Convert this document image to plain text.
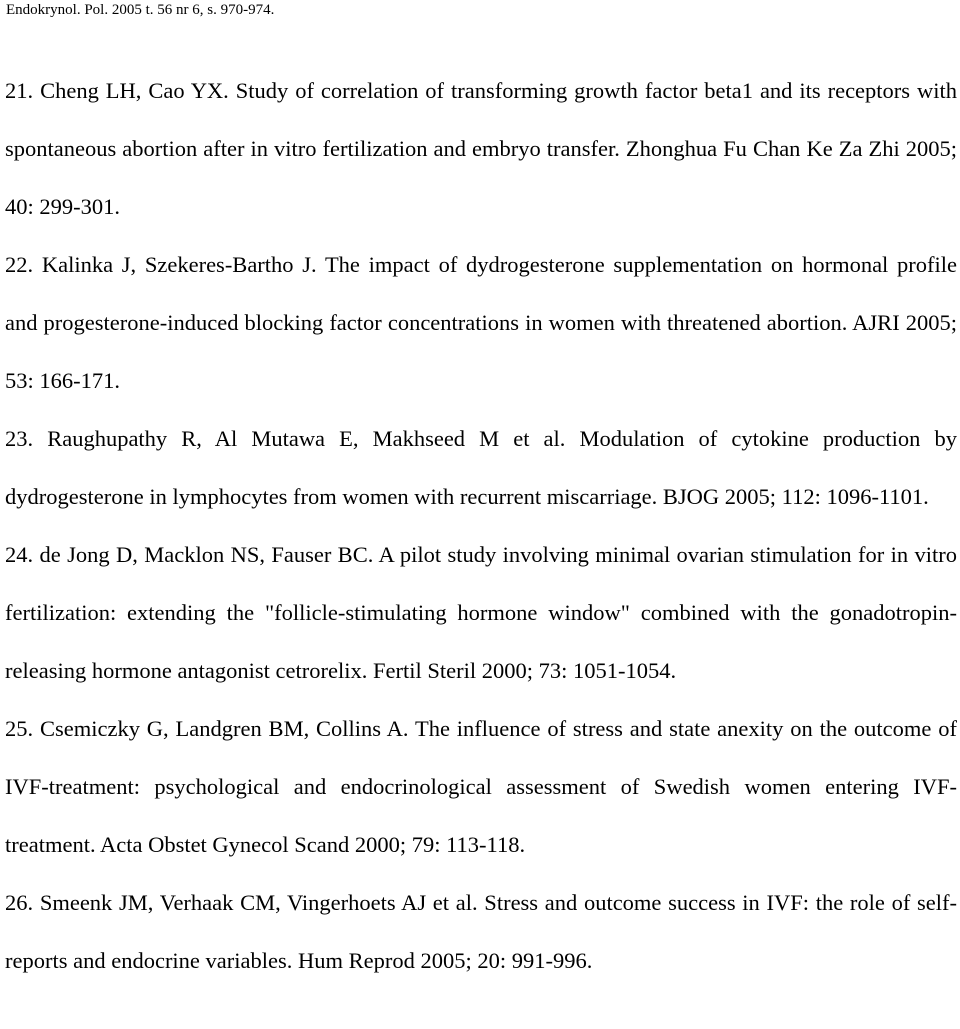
Endokrynol. Pol. 2005 t. 56 nr 6, s. 970-974.
21. Cheng LH, Cao YX. Study of correlation of transforming growth factor beta1 and its receptors with spontaneous abortion after in vitro fertilization and embryo transfer. Zhonghua Fu Chan Ke Za Zhi 2005; 40: 299-301.
22. Kalinka J, Szekeres-Bartho J. The impact of dydrogesterone supplementation on hormonal profile and progesterone-induced blocking factor concentrations in women with threatened abortion. AJRI 2005; 53: 166-171.
23. Raughupathy R, Al Mutawa E, Makhseed M et al. Modulation of cytokine production by dydrogesterone in lymphocytes from women with recurrent miscarriage. BJOG 2005; 112: 1096-1101.
24. de Jong D, Macklon NS, Fauser BC. A pilot study involving minimal ovarian stimulation for in vitro fertilization: extending the "follicle-stimulating hormone window" combined with the gonadotropin-releasing hormone antagonist cetrorelix. Fertil Steril 2000; 73: 1051-1054.
25. Csemiczky G, Landgren BM, Collins A. The influence of stress and state anexity on the outcome of IVF-treatment: psychological and endocrinological assessment of Swedish women entering IVF-treatment. Acta Obstet Gynecol Scand 2000; 79: 113-118.
26. Smeenk JM, Verhaak CM, Vingerhoets AJ et al. Stress and outcome success in IVF: the role of self-reports and endocrine variables. Hum Reprod 2005; 20: 991-996.
